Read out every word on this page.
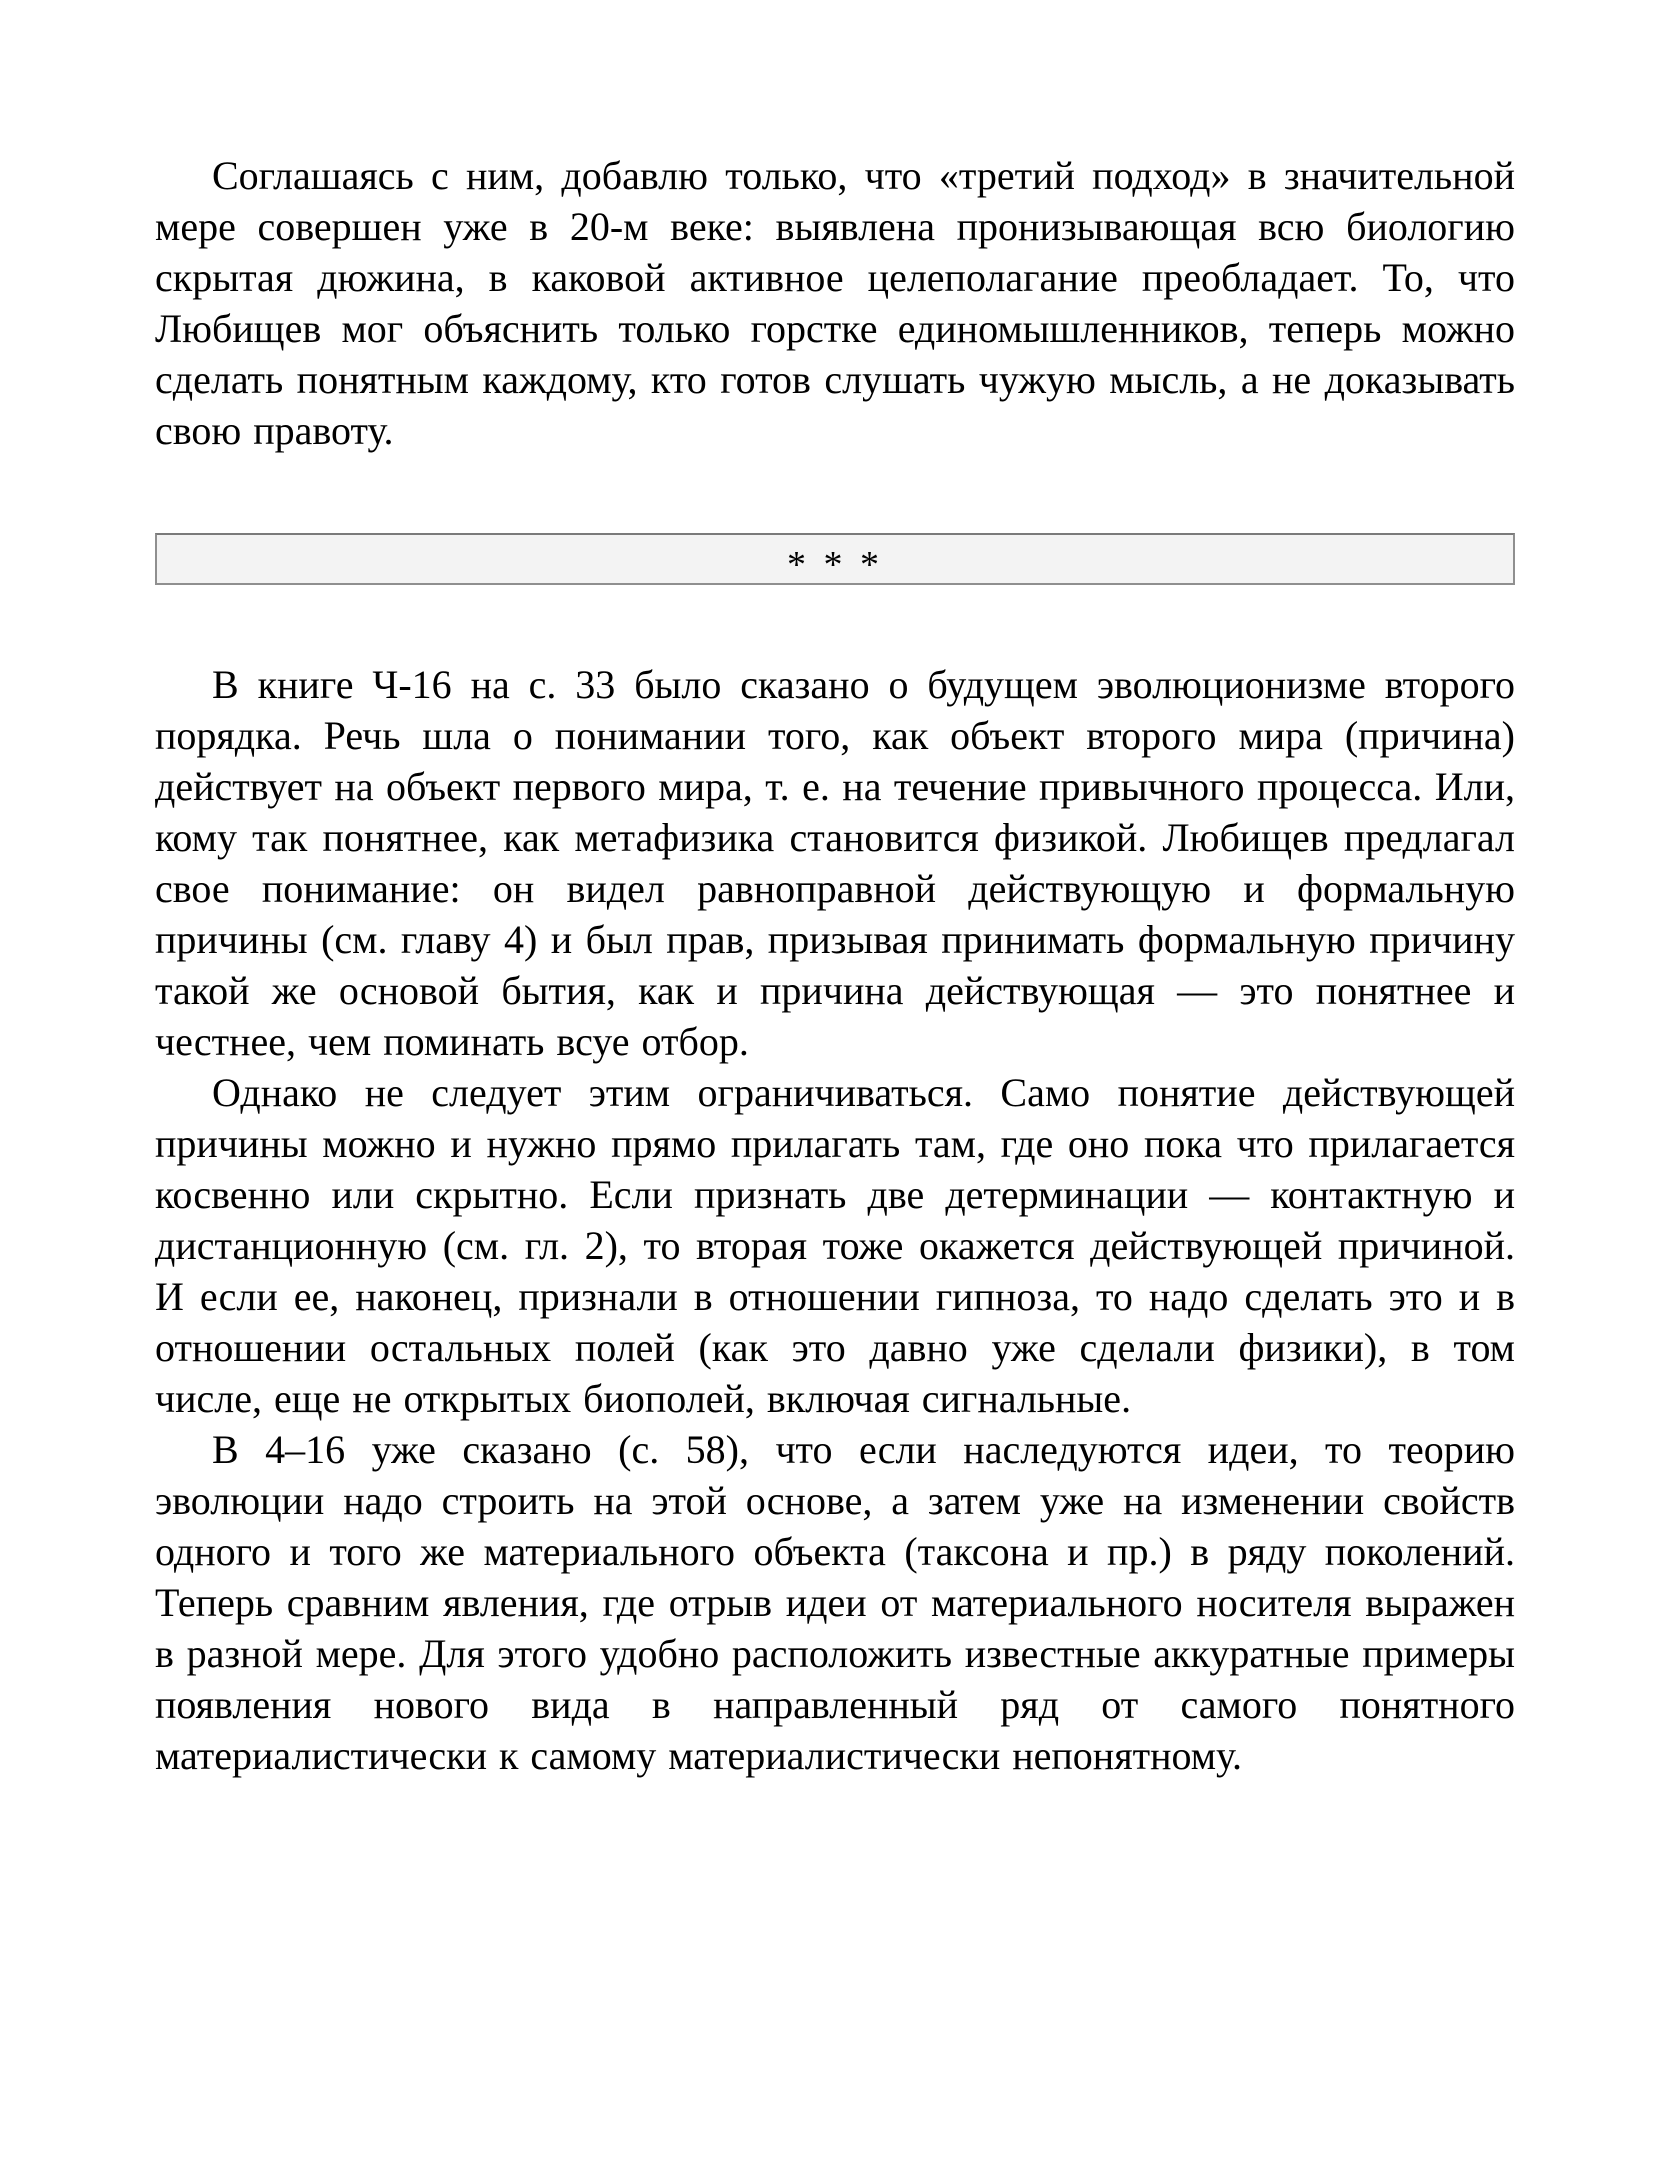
Соглашаясь с ним, добавлю только, что «третий подход» в значительной мере совершен уже в 20-м веке: выявлена пронизывающая всю биологию скрытая дюжина, в каковой активное целеполагание преобладает. То, что Любищев мог объяснить только горстке единомышленников, теперь можно сделать понятным каждому, кто готов слушать чужую мысль, а не доказывать свою правоту.

* * *

В книге Ч-16 на с. 33 было сказано о будущем эволюционизме второго порядка. Речь шла о понимании того, как объект второго мира (причина) действует на объект первого мира, т. е. на течение привычного процесса. Или, кому так понятнее, как метафизика становится физикой. Любищев предлагал свое понимание: он видел равноправной действующую и формальную причины (см. главу 4) и был прав, призывая принимать формальную причину такой же основой бытия, как и причина действующая — это понятнее и честнее, чем поминать всуе отбор.

Однако не следует этим ограничиваться. Само понятие действующей причины можно и нужно прямо прилагать там, где оно пока что прилагается косвенно или скрытно. Если признать две детерминации — контактную и дистанционную (см. гл. 2), то вторая тоже окажется действующей причиной. И если ее, наконец, признали в отношении гипноза, то надо сделать это и в отношении остальных полей (как это давно уже сделали физики), в том числе, еще не открытых биополей, включая сигнальные.

В 4–16 уже сказано (с. 58), что если наследуются идеи, то теорию эволюции надо строить на этой основе, а затем уже на изменении свойств одного и того же материального объекта (таксона и пр.) в ряду поколений. Теперь сравним явления, где отрыв идеи от материального носителя выражен в разной мере. Для этого удобно расположить известные аккуратные примеры появления нового вида в направленный ряд от самого понятного материалистически к самому материалистически непонятному.
